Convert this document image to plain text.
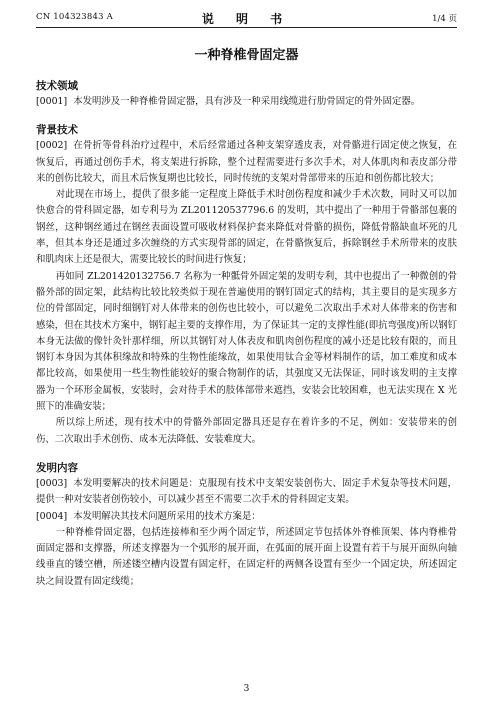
CN 104323843 A	说 明 书	1/4 页
一种脊椎骨固定器
技术领域

[0001] 本发明涉及一种脊椎骨固定器，具有涉及一种采用线缆进行肋骨固定的骨外固定器。

背景技术

[0002] 在骨折等骨科治疗过程中，术后经常通过各种支架穿透皮表，对骨骼进行固定使之恢复，在恢复后，再通过创伤手术，将支架进行拆除，整个过程需要进行多次手术，对人体肌肉和表皮部分带来的创伤比较大，而且术后恢复期也比较长，同时传统的支架对骨部带来的压迫和创伤都比较大；

对此现在市场上，提供了很多能一定程度上降低手术时创伤程度和减少手术次数，同时又可以加快愈合的骨科固定器，如专利号为 ZL201120537796.6 的发明，其中提出了一种用于骨骼部包裹的钢丝，这种钢丝通过在钢丝表面设置可吸收材料保护套来降低对骨骼的损伤，降低骨骼缺血坏死的几率，但其本身还是通过多次缠绕的方式实现骨部的固定，在骨骼恢复后，拆除钢丝手术所带来的皮肤和肌肉床上还是很大，需要比较长的时间进行恢复；

再如同 ZL201420132756.7 名称为一种骶骨外固定架的发明专利，其中也提出了一种微创的骨骼外部的固定架，此结构比较比较类似于现在普遍使用的钢钉固定式的结构，其主要目的是实现多方位的骨部固定，同时细钢钉对人体带来的创伤也比较小，可以避免二次取出手术对人体带来的伤害和感染，但在其技术方案中，钢钉起主要的支撑作用，为了保证其一定的支撑性能(即抗弯强度)所以钢钉本身无法做的像针灸针那样细，所以其钢钉对人体表皮和肌肉创伤程度的减小还是比较有限的，而且钢钉本身因为其体积缘故和特殊的生物性能缘故，如果使用钛合金等材料制作的话，加工难度和成本都比较高，如果使用一些生物性能较好的聚合物制作的话，其强度又无法保证，同时该发明的主支撑器为一个环形金属板，安装时，会对待手术的肢体部带来遮挡，安装会比较困难，也无法实现在 X 光照下的准确安装；

所以综上所述，现有技术中的骨骼外部固定器具还是存在着许多的不足，例如：安装带来的创伤、二次取出手术创伤、成本无法降低、安装难度大。

发明内容

[0003] 本发明要解决的技术问题是：克服现有技术中支架安装创伤大、固定手术复杂等技术问题，提供一种对安装者创伤较小，可以减少甚至不需要二次手术的骨科固定支架。

[0004] 本发明解决其技术问题所采用的技术方案是：

一种脊椎骨固定器，包括连接棒和至少两个固定节，所述固定节包括体外脊椎顶架、体内脊椎骨面固定器和支撑器，所述支撑器为一个弧形的展开面，在弧面的展开面上设置有若干与展开面纵向轴线垂直的镂空槽，所述镂空槽内设置有固定杆，在固定杆的两侧各设置有至少一个固定块，所述固定块之间设置有固定线缆；

3
